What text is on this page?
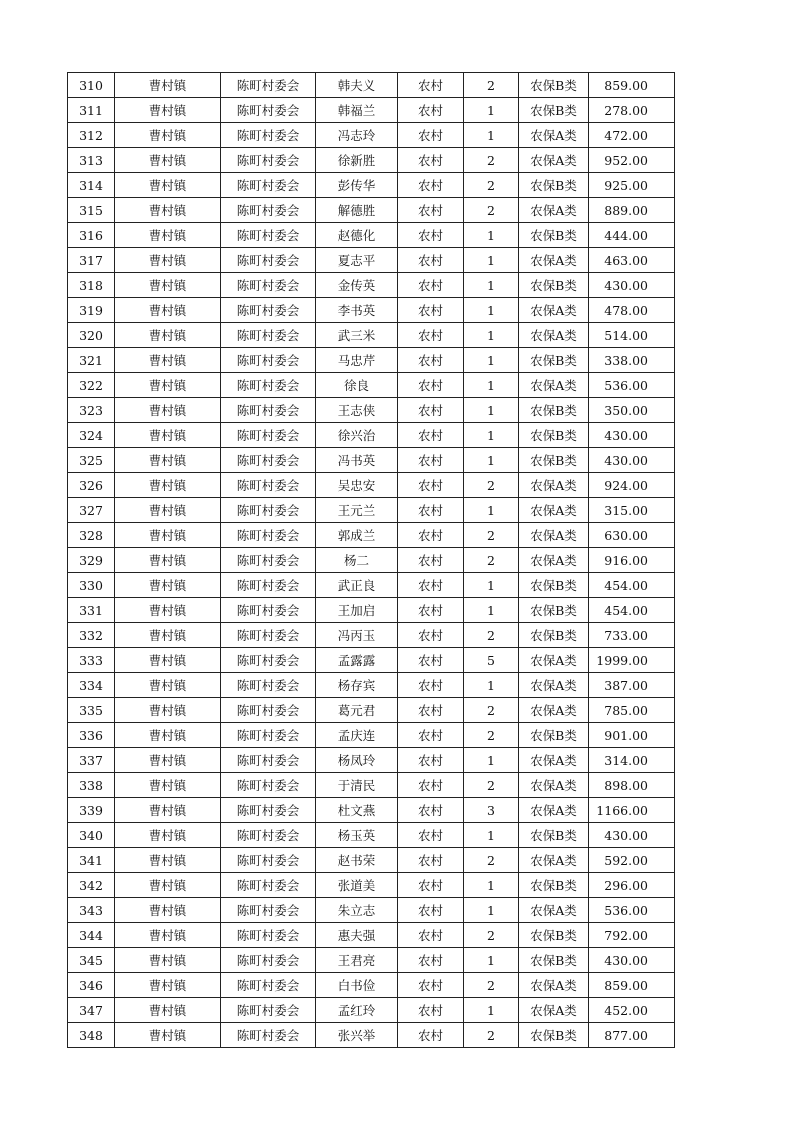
310	曹村镇	陈町村委会	韩夫义	农村	2	农保B类	859.00
311	曹村镇	陈町村委会	韩福兰	农村	1	农保B类	278.00
312	曹村镇	陈町村委会	冯志玲	农村	1	农保A类	472.00
313	曹村镇	陈町村委会	徐新胜	农村	2	农保A类	952.00
314	曹村镇	陈町村委会	彭传华	农村	2	农保B类	925.00
315	曹村镇	陈町村委会	解德胜	农村	2	农保A类	889.00
316	曹村镇	陈町村委会	赵德化	农村	1	农保B类	444.00
317	曹村镇	陈町村委会	夏志平	农村	1	农保A类	463.00
318	曹村镇	陈町村委会	金传英	农村	1	农保B类	430.00
319	曹村镇	陈町村委会	李书英	农村	1	农保A类	478.00
320	曹村镇	陈町村委会	武三米	农村	1	农保A类	514.00
321	曹村镇	陈町村委会	马忠芹	农村	1	农保B类	338.00
322	曹村镇	陈町村委会	徐良	农村	1	农保A类	536.00
323	曹村镇	陈町村委会	王志侠	农村	1	农保B类	350.00
324	曹村镇	陈町村委会	徐兴治	农村	1	农保B类	430.00
325	曹村镇	陈町村委会	冯书英	农村	1	农保B类	430.00
326	曹村镇	陈町村委会	吴忠安	农村	2	农保A类	924.00
327	曹村镇	陈町村委会	王元兰	农村	1	农保A类	315.00
328	曹村镇	陈町村委会	郭成兰	农村	2	农保A类	630.00
329	曹村镇	陈町村委会	杨二	农村	2	农保A类	916.00
330	曹村镇	陈町村委会	武正良	农村	1	农保B类	454.00
331	曹村镇	陈町村委会	王加启	农村	1	农保B类	454.00
332	曹村镇	陈町村委会	冯丙玉	农村	2	农保B类	733.00
333	曹村镇	陈町村委会	孟露露	农村	5	农保A类	1999.00
334	曹村镇	陈町村委会	杨存宾	农村	1	农保A类	387.00
335	曹村镇	陈町村委会	葛元君	农村	2	农保A类	785.00
336	曹村镇	陈町村委会	孟庆连	农村	2	农保B类	901.00
337	曹村镇	陈町村委会	杨凤玲	农村	1	农保A类	314.00
338	曹村镇	陈町村委会	于清民	农村	2	农保A类	898.00
339	曹村镇	陈町村委会	杜文燕	农村	3	农保A类	1166.00
340	曹村镇	陈町村委会	杨玉英	农村	1	农保B类	430.00
341	曹村镇	陈町村委会	赵书荣	农村	2	农保A类	592.00
342	曹村镇	陈町村委会	张道美	农村	1	农保B类	296.00
343	曹村镇	陈町村委会	朱立志	农村	1	农保A类	536.00
344	曹村镇	陈町村委会	惠夫强	农村	2	农保B类	792.00
345	曹村镇	陈町村委会	王君亮	农村	1	农保B类	430.00
346	曹村镇	陈町村委会	白书俭	农村	2	农保A类	859.00
347	曹村镇	陈町村委会	孟红玲	农村	1	农保A类	452.00
348	曹村镇	陈町村委会	张兴举	农村	2	农保B类	877.00
